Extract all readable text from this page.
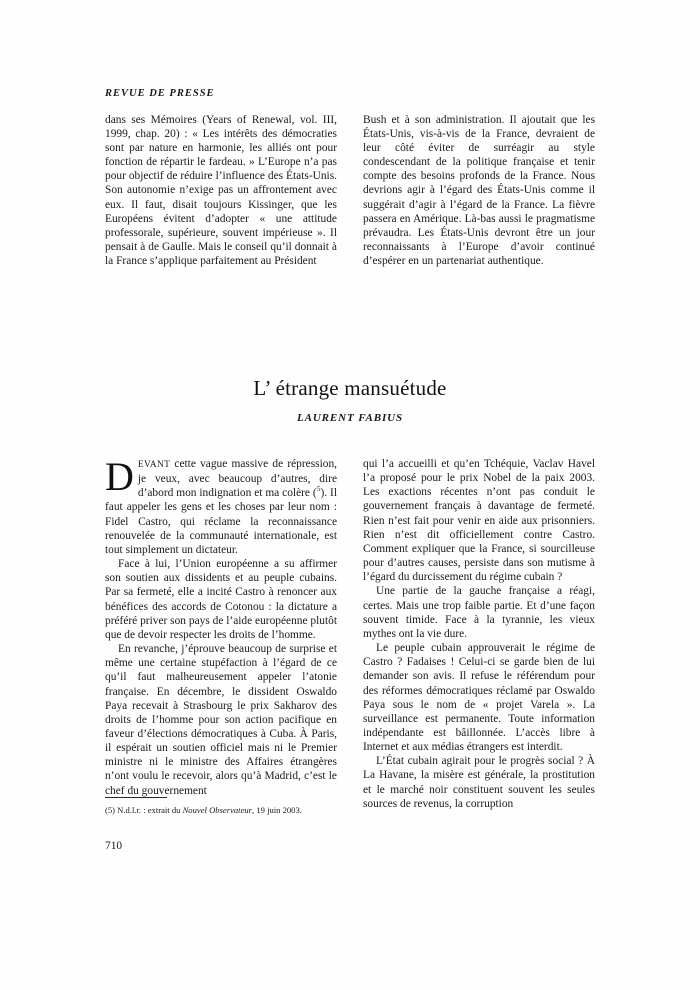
REVUE DE PRESSE

dans ses Mémoires (Years of Renewal, vol. III, 1999, chap. 20) : « Les intérêts des démocraties sont par nature en harmonie, les alliés ont pour fonction de répartir le fardeau. » L’Europe n’a pas pour objectif de réduire l’influence des États-Unis. Son autonomie n’exige pas un affrontement avec eux. Il faut, disait toujours Kissinger, que les Européens évitent d’adopter « une attitude professorale, supérieure, souvent impérieuse ». Il pensait à de Gaulle. Mais le conseil qu’il donnait à la France s’applique parfaitement au Président

Bush et à son administration. Il ajoutait que les États-Unis, vis-à-vis de la France, devraient de leur côté éviter de surréagir au style condescendant de la politique française et tenir compte des besoins profonds de la France. Nous devrions agir à l’égard des États-Unis comme il suggérait d’agir à l’égard de la France. La fièvre passera en Amérique. Là-bas aussi le pragmatisme prévaudra. Les États-Unis devront être un jour reconnaissants à l’Europe d’avoir continué d’espérer en un partenariat authentique.

L’ étrange mansuétude
LAURENT FABIUS

DEVANT cette vague massive de répression, je veux, avec beaucoup d’autres, dire d’abord mon indignation et ma colère ($^5$). Il faut appeler les gens et les choses par leur nom : Fidel Castro, qui réclame la reconnaissance renouvelée de la communauté internationale, est tout simplement un dictateur.

Face à lui, l’Union européenne a su affirmer son soutien aux dissidents et au peuple cubains. Par sa fermeté, elle a incité Castro à renoncer aux bénéfices des accords de Cotonou : la dictature a préféré priver son pays de l’aide européenne plutôt que de devoir respecter les droits de l’homme.

En revanche, j’éprouve beaucoup de surprise et même une certaine stupéfaction à l’égard de ce qu’il faut malheureusement appeler l’atonie française. En décembre, le dissident Oswaldo Paya recevait à Strasbourg le prix Sakharov des droits de l’homme pour son action pacifique en faveur d’élections démocratiques à Cuba. À Paris, il espérait un soutien officiel mais ni le Premier ministre ni le ministre des Affaires étrangères n’ont voulu le recevoir, alors qu’à Madrid, c’est le chef du gouvernement

qui l’a accueilli et qu’en Tchéquie, Vaclav Havel l’a proposé pour le prix Nobel de la paix 2003. Les exactions récentes n’ont pas conduit le gouvernement français à davantage de fermeté. Rien n’est fait pour venir en aide aux prisonniers. Rien n’est dit officiellement contre Castro. Comment expliquer que la France, si sourcilleuse pour d’autres causes, persiste dans son mutisme à l’égard du durcissement du régime cubain ?

Une partie de la gauche française a réagi, certes. Mais une trop faible partie. Et d’une façon souvent timide. Face à la tyrannie, les vieux mythes ont la vie dure.

Le peuple cubain approuverait le régime de Castro ? Fadaises ! Celui-ci se garde bien de lui demander son avis. Il refuse le référendum pour des réformes démocratiques réclamé par Oswaldo Paya sous le nom de « projet Varela ». La surveillance est permanente. Toute information indépendante est bâillonnée. L’accès libre à Internet et aux médias étrangers est interdit.

L’État cubain agirait pour le progrès social ? À La Havane, la misère est générale, la prostitution et le marché noir constituent souvent les seules sources de revenus, la corruption

(5) N.d.l.r. : extrait du Nouvel Observateur, 19 juin 2003.

710
